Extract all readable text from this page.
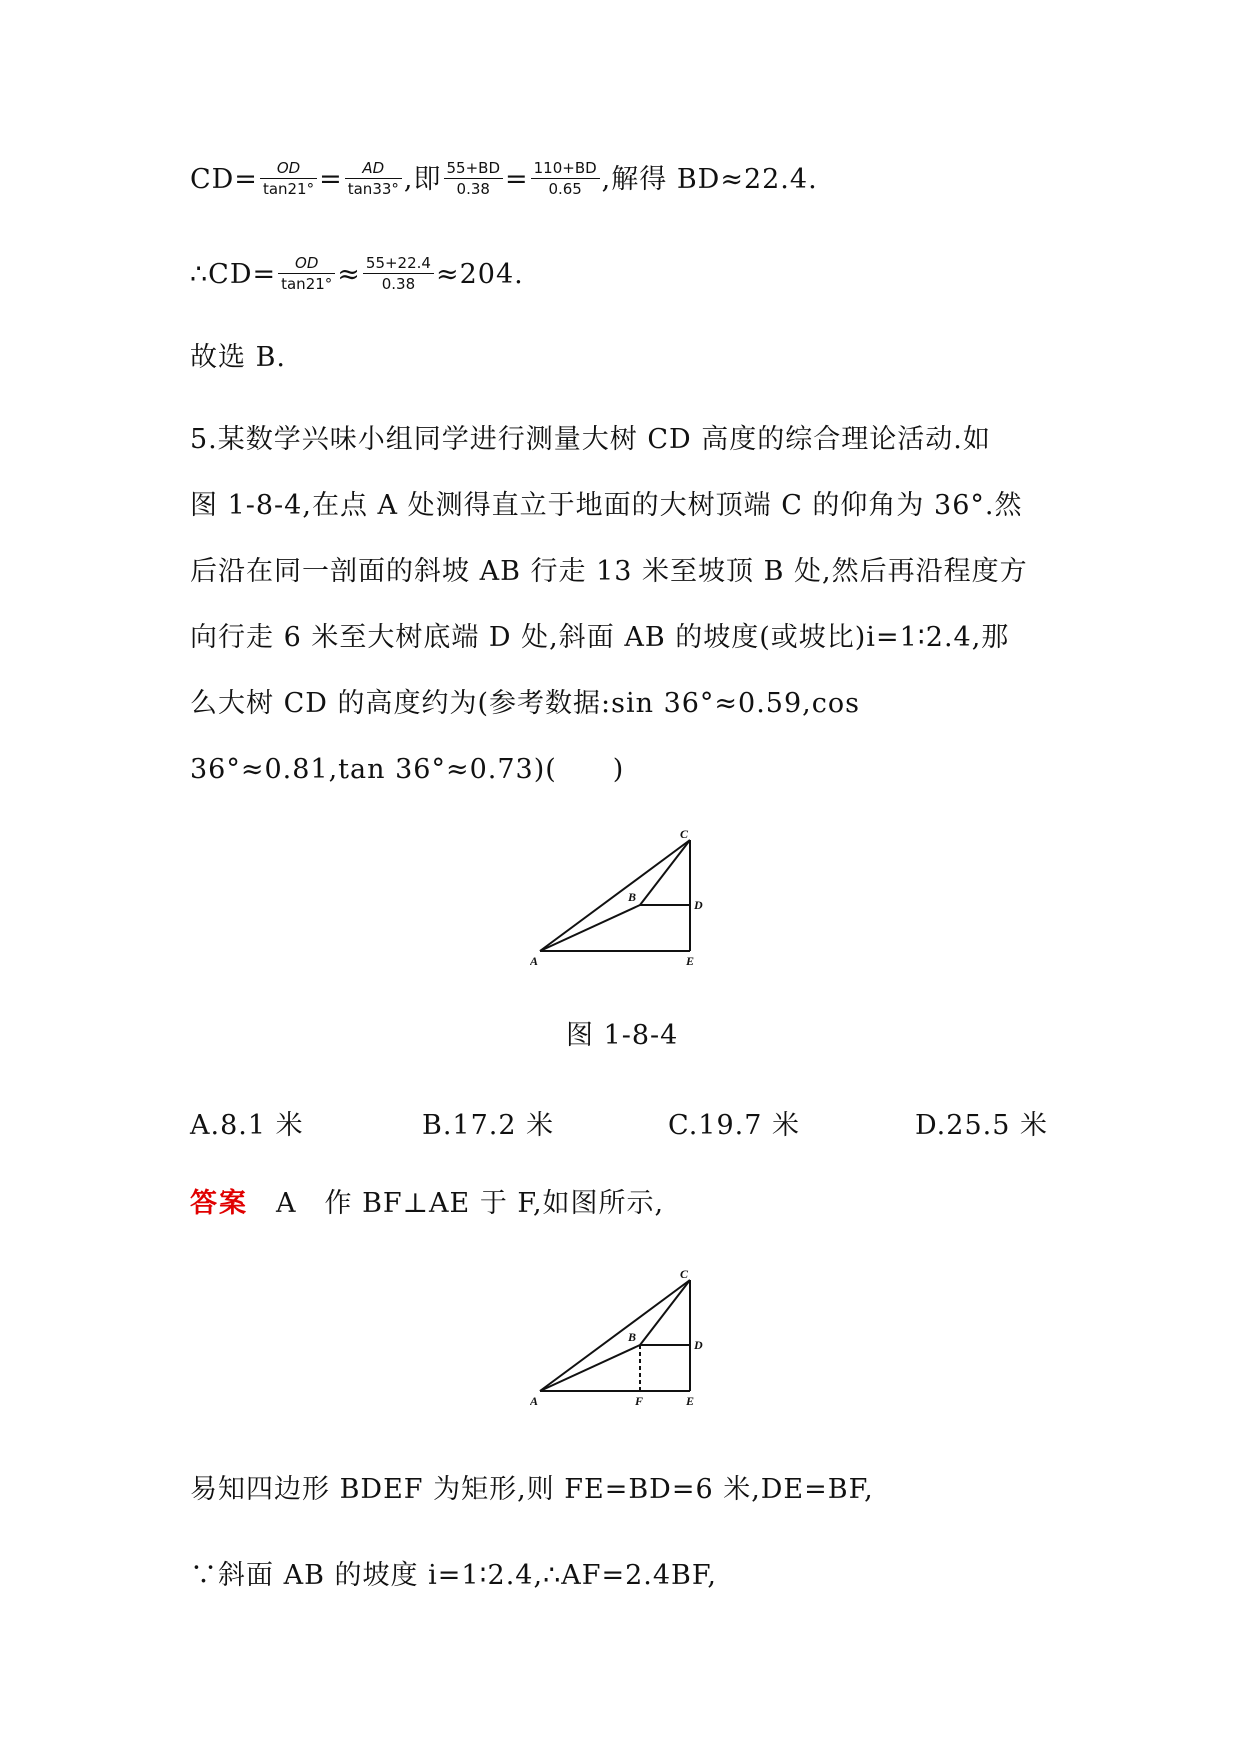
$CD= \frac{OD}{\tan 21^\circ} = \frac{AD}{\tan 33^\circ}$ ,即 $\frac{55+BD}{0.38} = \frac{110+BD}{0.65}$ ,解得 BD≈22.4.
∴CD= $\frac{OD}{\tan 21^\circ} \approx \frac{55+22.4}{0.38} \approx 204$.
故选 B.
5.某数学兴味小组同学进行测量大树 CD 高度的综合理论活动.如
图 1-8-4,在点 A 处测得直立于地面的大树顶端 C 的仰角为 36°.然
后沿在同一剖面的斜坡 AB 行走 13 米至坡顶 B 处,然后再沿程度方
向行走 6 米至大树底端 D 处,斜面 AB 的坡度(或坡比)i=1∶2.4,那
么大树 CD 的高度约为(参考数据:sin 36°≈0.59,cos
36°≈0.81,tan 36°≈0.73)(　　)
A
B
C
D
E
图 1-8-4
A.8.1 米	B.17.2 米	C.19.7 米	D.25.5 米
答案　A　作 BF⊥AE 于 F,如图所示,
A
B
C
D
E
F
易知四边形 BDEF 为矩形,则 FE=BD=6 米,DE=BF,
∵斜面 AB 的坡度 i=1∶2.4,∴AF=2.4BF,
